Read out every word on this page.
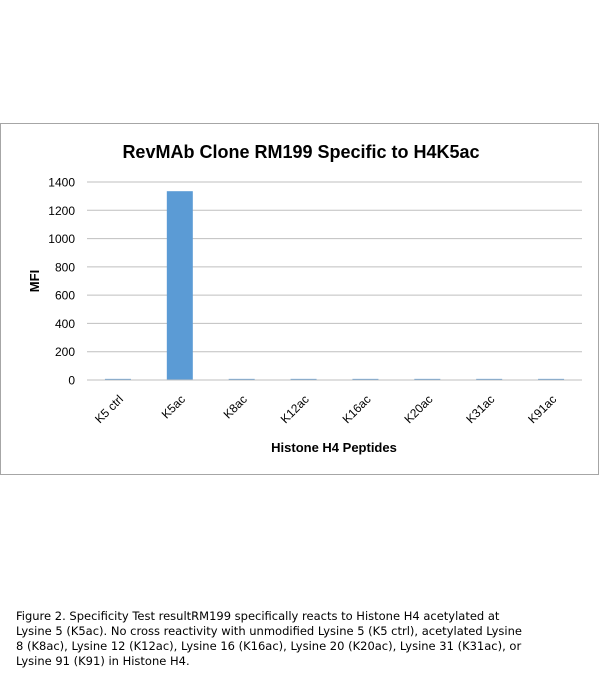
RevMAb Clone RM199 Specific to H4K5ac
MFI
Histone H4 Peptides
0
200
400
600
800
1000
1200
1400
K5 ctrl	K5ac	K8ac K12ac K16ac K20ac K31ac K91ac
Figure 2. Specificity Test resultRM199 specifically reacts to Histone H4 acetylated at
Lysine 5 (K5ac). No cross reactivity with unmodified Lysine 5 (K5 ctrl), acetylated Lysine
8 (K8ac), Lysine 12 (K12ac), Lysine 16 (K16ac), Lysine 20 (K20ac), Lysine 31 (K31ac), or
Lysine 91 (K91) in Histone H4.
